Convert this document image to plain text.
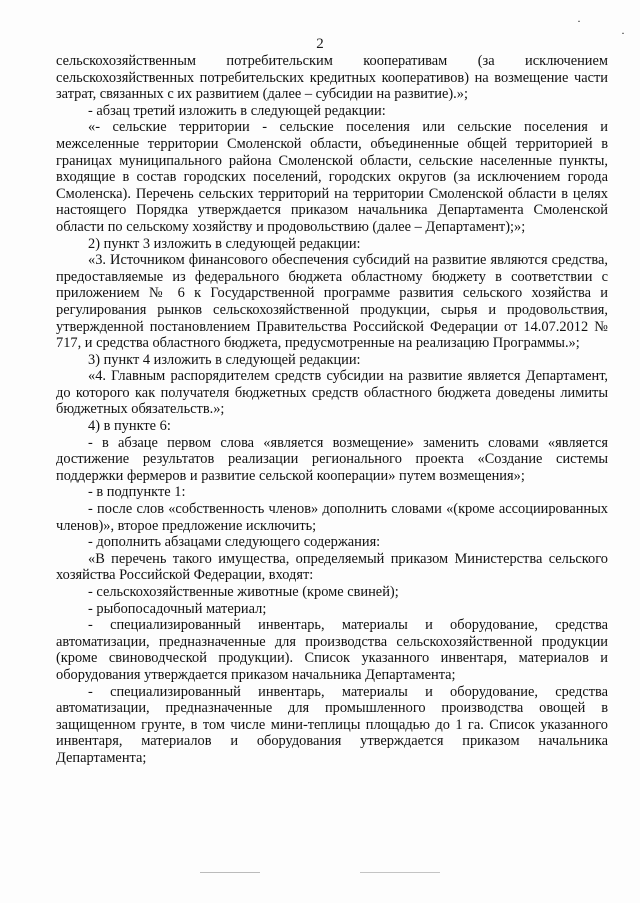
·
·
2

сельскохозяйственным потребительским кооперативам (за исключением сельскохозяйственных потребительских кредитных кооперативов) на возмещение части затрат, связанных с их развитием (далее – субсидии на развитие).»;

- абзац третий изложить в следующей редакции:

«- сельские территории - сельские поселения или сельские поселения и межселенные территории Смоленской области, объединенные общей территорией в границах муниципального района Смоленской области, сельские населенные пункты, входящие в состав городских поселений, городских округов (за исключением города Смоленска). Перечень сельских территорий на территории Смоленской области в целях настоящего Порядка утверждается приказом начальника Департамента Смоленской области по сельскому хозяйству и продовольствию (далее – Департамент);»;

2) пункт 3 изложить в следующей редакции:

«3. Источником финансового обеспечения субсидий на развитие являются средства, предоставляемые из федерального бюджета областному бюджету в соответствии с приложением № 6 к Государственной программе развития сельского хозяйства и регулирования рынков сельскохозяйственной продукции, сырья и продовольствия, утвержденной постановлением Правительства Российской Федерации от 14.07.2012 № 717, и средства областного бюджета, предусмотренные на реализацию Программы.»;

3) пункт 4 изложить в следующей редакции:

«4. Главным распорядителем средств субсидии на развитие является Департамент, до которого как получателя бюджетных средств областного бюджета доведены лимиты бюджетных обязательств.»;

4) в пункте 6:

- в абзаце первом слова «является возмещение» заменить словами «является достижение результатов реализации регионального проекта «Создание системы поддержки фермеров и развитие сельской кооперации» путем возмещения»;

- в подпункте 1:

- после слов «собственность членов» дополнить словами «(кроме ассоциированных членов)», второе предложение исключить;

- дополнить абзацами следующего содержания:

«В перечень такого имущества, определяемый приказом Министерства сельского хозяйства Российской Федерации, входят:

- сельскохозяйственные животные (кроме свиней);

- рыбопосадочный материал;

- специализированный инвентарь, материалы и оборудование, средства автоматизации, предназначенные для производства сельскохозяйственной продукции (кроме свиноводческой продукции). Список указанного инвентаря, материалов и оборудования утверждается приказом начальника Департамента;

- специализированный инвентарь, материалы и оборудование, средства автоматизации, предназначенные для промышленного производства овощей в защищенном грунте, в том числе мини-теплицы площадью до 1 га. Список указанного инвентаря, материалов и оборудования утверждается приказом начальника Департамента;
